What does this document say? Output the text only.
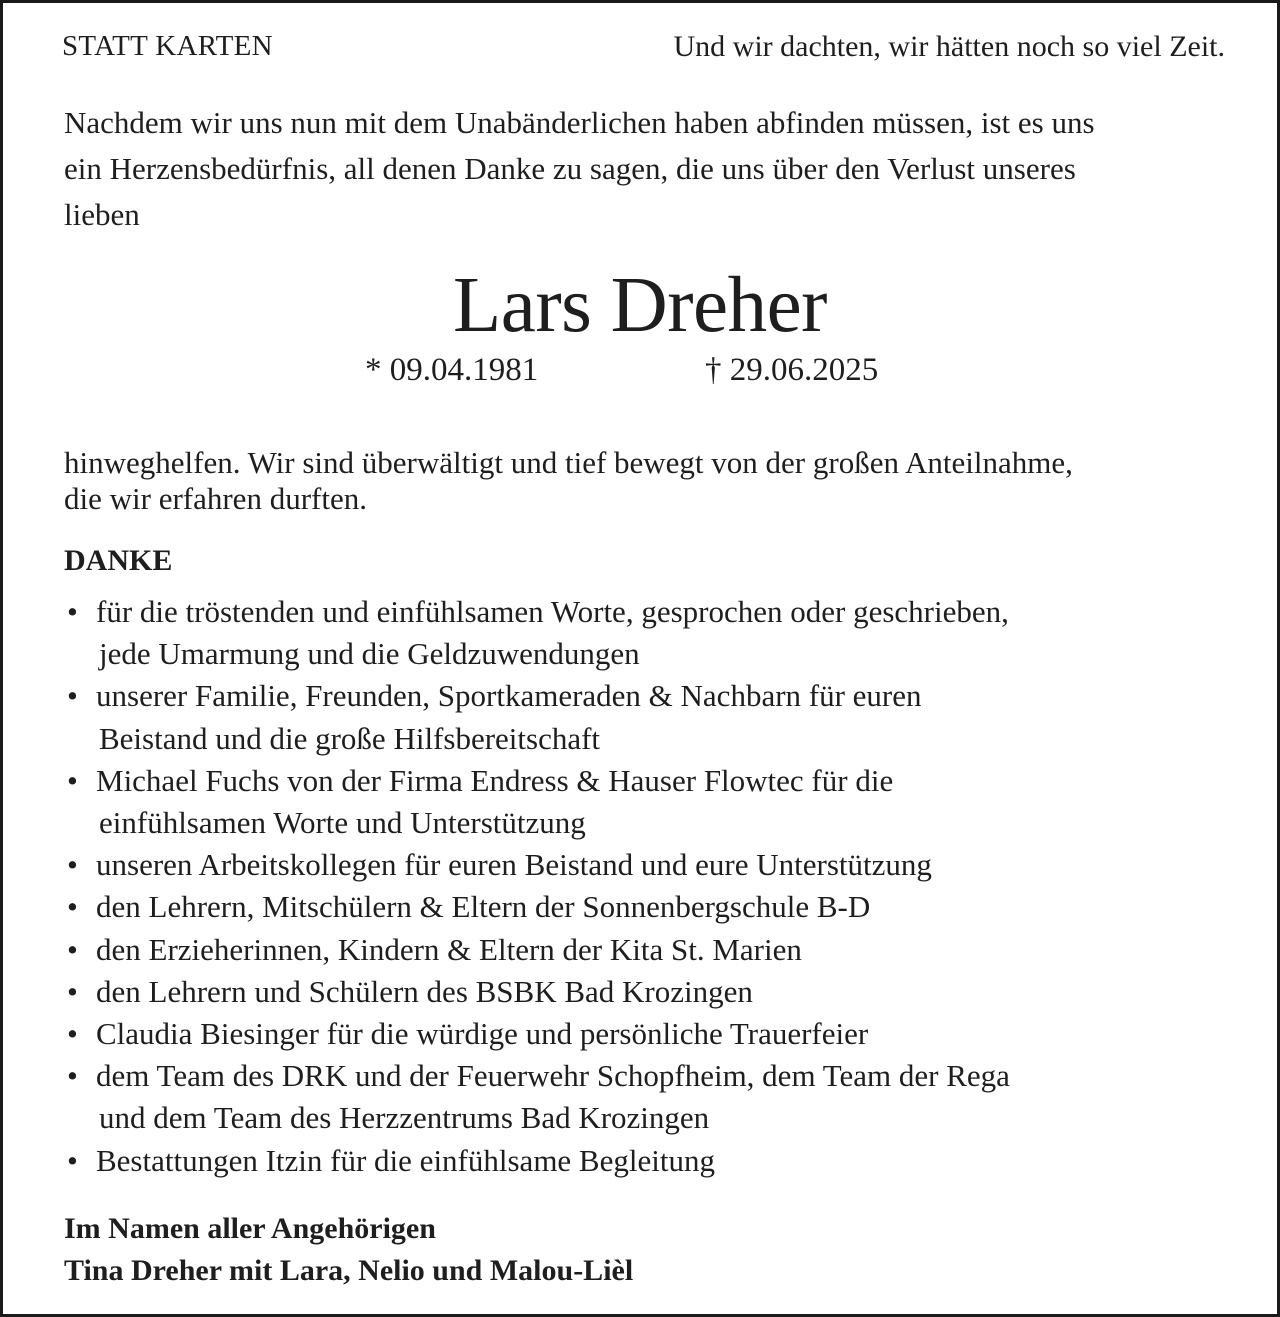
STATT KARTEN	Und wir dachten, wir hätten noch so viel Zeit.
Nachdem wir uns nun mit dem Unabänderlichen haben abfinden müssen, ist es uns
ein Herzensbedürfnis, all denen Danke zu sagen, die uns über den Verlust unseres
lieben
Lars Dreher
* 09.04.1981	† 29.06.2025
hinweghelfen. Wir sind überwältigt und tief bewegt von der großen Anteilnahme,
die wir erfahren durften.
DANKE
• für die tröstenden und einfühlsamen Worte, gesprochen oder geschrieben,
jede Umarmung und die Geldzuwendungen
• unserer Familie, Freunden, Sportkameraden & Nachbarn für euren
Beistand und die große Hilfsbereitschaft
• Michael Fuchs von der Firma Endress & Hauser Flowtec für die
einfühlsamen Worte und Unterstützung
• unseren Arbeitskollegen für euren Beistand und eure Unterstützung
• den Lehrern, Mitschülern & Eltern der Sonnenbergschule B-D
• den Erzieherinnen, Kindern & Eltern der Kita St. Marien
• den Lehrern und Schülern des BSBK Bad Krozingen
• Claudia Biesinger für die würdige und persönliche Trauerfeier
• dem Team des DRK und der Feuerwehr Schopfheim, dem Team der Rega
und dem Team des Herzzentrums Bad Krozingen
• Bestattungen Itzin für die einfühlsame Begleitung
Im Namen aller Angehörigen
Tina Dreher mit Lara, Nelio und Malou-Lièl
